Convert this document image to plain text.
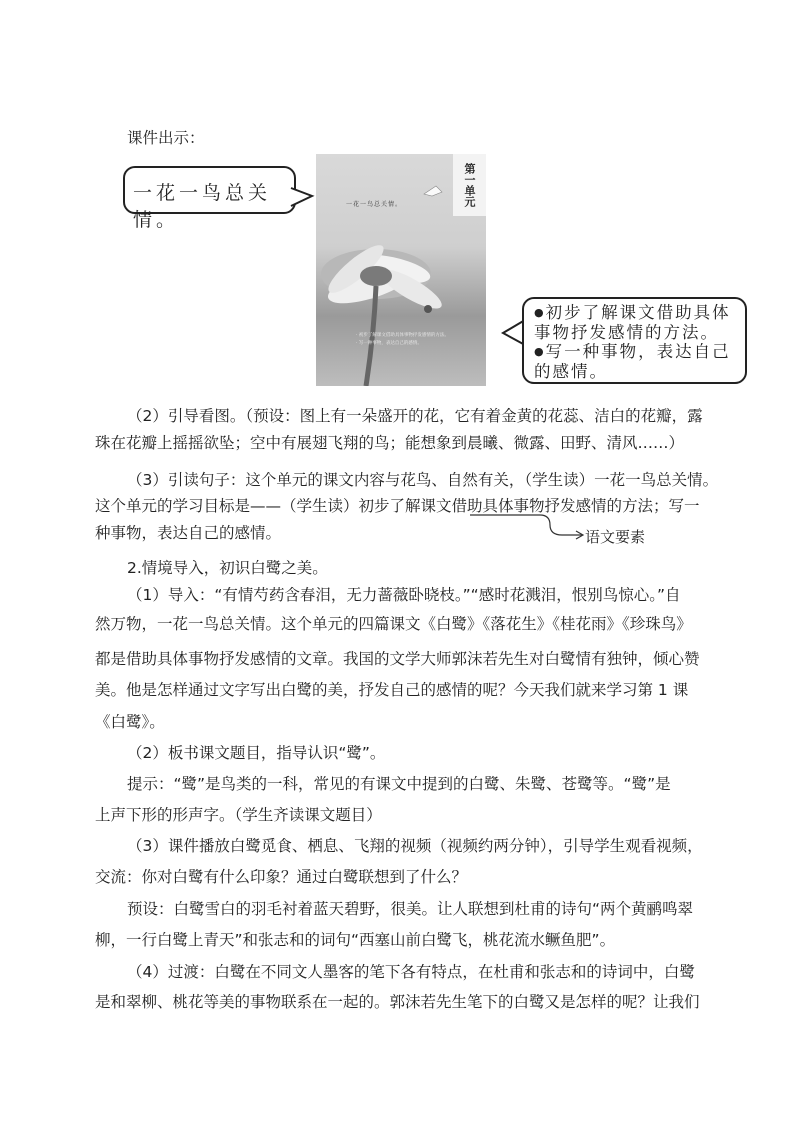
课件出示：
一花一鸟总关情。
第一单元
一花一鸟总关情。
· 初步了解课文借助具体事物抒发感情的方法。
· 写一种事物，表达自己的感情。
●初步了解课文借助具体
事物抒发感情的方法。
●写一种事物，表达自己
的感情。
（2）引导看图。（预设：图上有一朵盛开的花，它有着金黄的花蕊、洁白的花瓣，露
珠在花瓣上摇摇欲坠；空中有展翅飞翔的鸟；能想象到晨曦、微露、田野、清风……）
（3）引读句子：这个单元的课文内容与花鸟、自然有关，（学生读）一花一鸟总关情。
这个单元的学习目标是——（学生读）初步了解课文借助具体事物抒发感情的方法；写一
种事物，表达自己的感情。	语文要素
2.情境导入，初识白鹭之美。
（1）导入：“有情芍药含春泪，无力蔷薇卧晓枝。”“感时花溅泪，恨别鸟惊心。”自
然万物，一花一鸟总关情。这个单元的四篇课文《白鹭》《落花生》《桂花雨》《珍珠鸟》
都是借助具体事物抒发感情的文章。我国的文学大师郭沫若先生对白鹭情有独钟，倾心赞
美。他是怎样通过文字写出白鹭的美，抒发自己的感情的呢？今天我们就来学习第 1 课
《白鹭》。
（2）板书课文题目，指导认识“鹭”。
提示：“鹭”是鸟类的一科，常见的有课文中提到的白鹭、朱鹭、苍鹭等。“鹭”是
上声下形的形声字。（学生齐读课文题目）
（3）课件播放白鹭觅食、栖息、飞翔的视频（视频约两分钟），引导学生观看视频，
交流：你对白鹭有什么印象？通过白鹭联想到了什么？
预设：白鹭雪白的羽毛衬着蓝天碧野，很美。让人联想到杜甫的诗句“两个黄鹂鸣翠
柳，一行白鹭上青天”和张志和的词句“西塞山前白鹭飞，桃花流水鳜鱼肥”。
（4）过渡：白鹭在不同文人墨客的笔下各有特点，在杜甫和张志和的诗词中，白鹭
是和翠柳、桃花等美的事物联系在一起的。郭沫若先生笔下的白鹭又是怎样的呢？让我们
